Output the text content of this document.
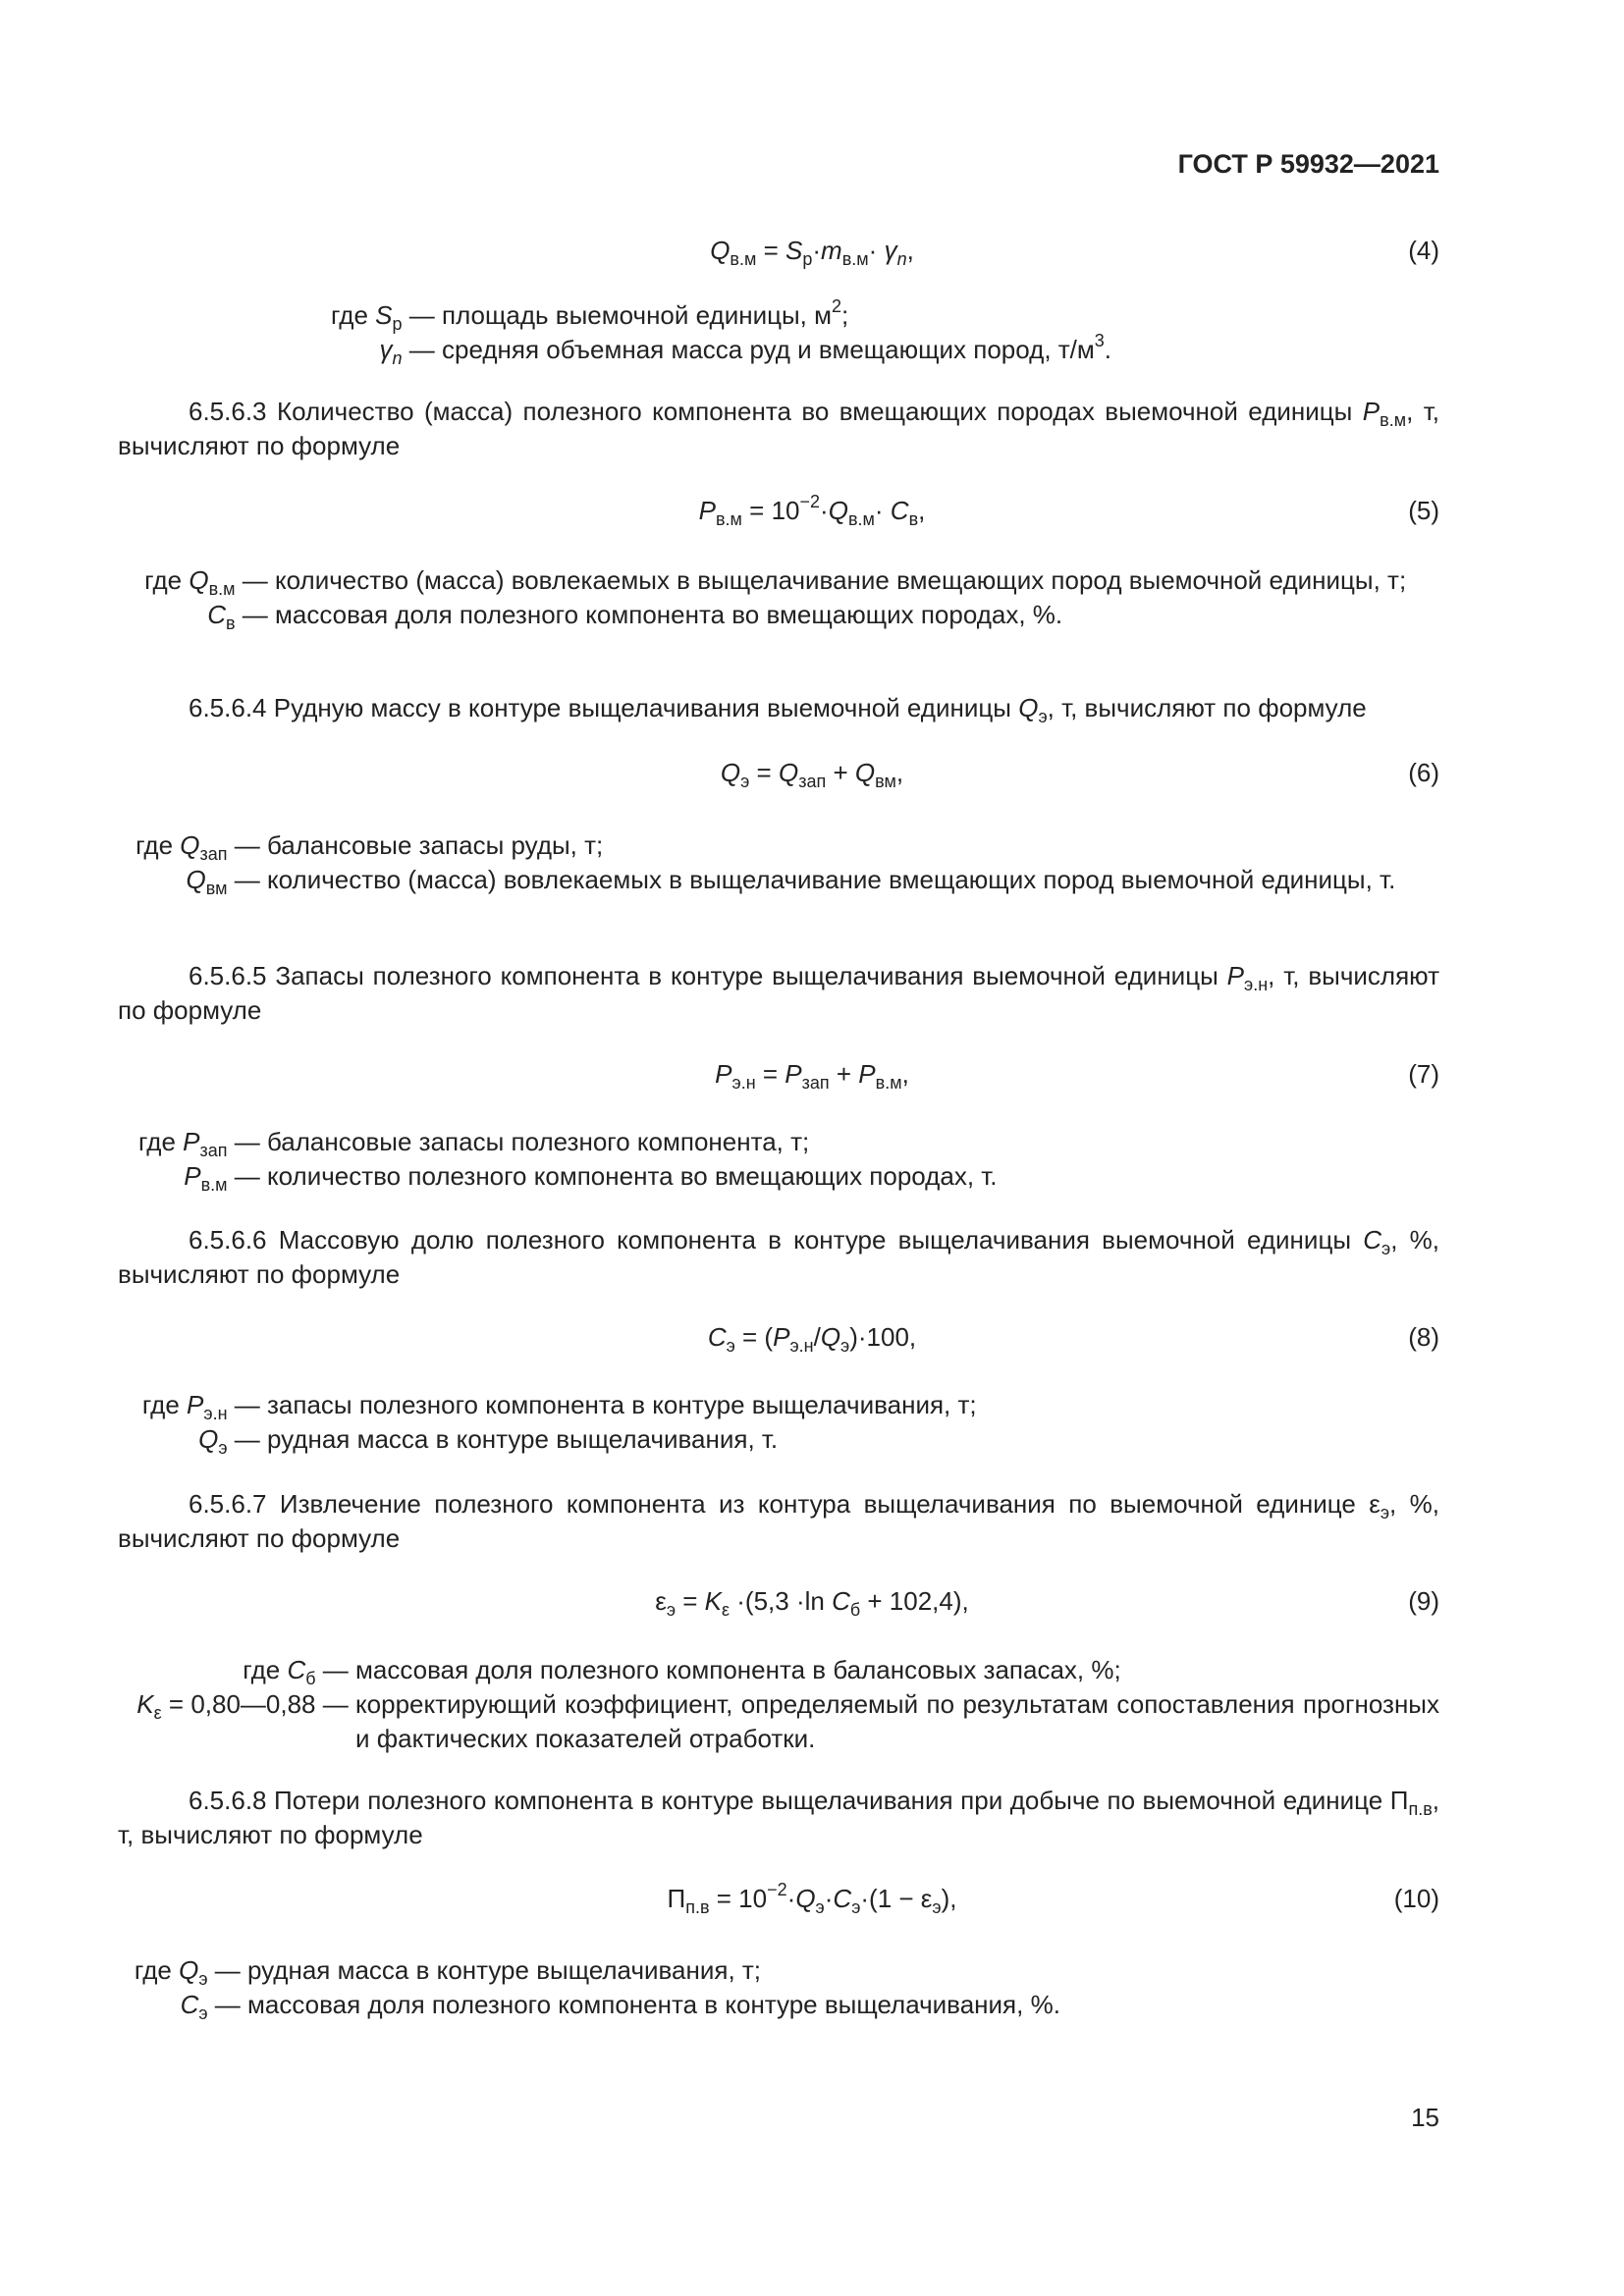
ГОСТ Р 59932—2021
$Q_{в.м} = S_р\cdot m_{в.м}\cdot \gamma_n$,	(4)
где $S_р$ — площадь выемочной единицы, $м^2$;
$\gamma_n$ — средняя объемная масса руд и вмещающих пород, $т/м^3$.
6.5.6.3 Количество (масса) полезного компонента во вмещающих породах выемочной единицы $P_{в.м}$, т, вычисляют по формуле
$P_{в.м} = 10^{-2}\cdot Q_{в.м}\cdot C_в$,	(5)
где $Q_{в.м}$ — количество (масса) вовлекаемых в выщелачивание вмещающих пород выемочной единицы, т;
$C_в$ — массовая доля полезного компонента во вмещающих породах, %.
6.5.6.4 Рудную массу в контуре выщелачивания выемочной единицы $Q_э$, т, вычисляют по формуле
$Q_э = Q_{зап} + Q_{вм}$,	(6)
где $Q_{зап}$ — балансовые запасы руды, т;
$Q_{вм}$ — количество (масса) вовлекаемых в выщелачивание вмещающих пород выемочной единицы, т.
6.5.6.5 Запасы полезного компонента в контуре выщелачивания выемочной единицы $P_{э.н}$, т, вычисляют по формуле
$P_{э.н} = P_{зап} + P_{в.м}$,	(7)
где $P_{зап}$ — балансовые запасы полезного компонента, т;
$P_{в.м}$ — количество полезного компонента во вмещающих породах, т.
6.5.6.6 Массовую долю полезного компонента в контуре выщелачивания выемочной единицы $C_э$, %, вычисляют по формуле
$C_э = (P_{э.н}/Q_э)\cdot 100$,	(8)
где $P_{э.н}$ — запасы полезного компонента в контуре выщелачивания, т;
$Q_э$ — рудная масса в контуре выщелачивания, т.
6.5.6.7 Извлечение полезного компонента из контура выщелачивания по выемочной единице $\varepsilon_э$, %, вычисляют по формуле
$\varepsilon_э = K_\varepsilon \cdot(5,3 \cdot\ln$ $C_б + 102,4$),	(9)
где $C_б$ — массовая доля полезного компонента в балансовых запасах, %;
$K_\varepsilon$ = 0,80—0,88 — корректирующий коэффициент, определяемый по результатам сопоставления прогнозных и фактических показателей отработки.
6.5.6.8 Потери полезного компонента в контуре выщелачивания при добыче по выемочной единице $П_{п.в}$, т, вычисляют по формуле
$П_{п.в} = 10^{-2}\cdot Q_э\cdot C_э\cdot(1 - \varepsilon_э)$,	(10)
где $Q_э$ — рудная масса в контуре выщелачивания, т;
$C_э$ — массовая доля полезного компонента в контуре выщелачивания, %.
15
